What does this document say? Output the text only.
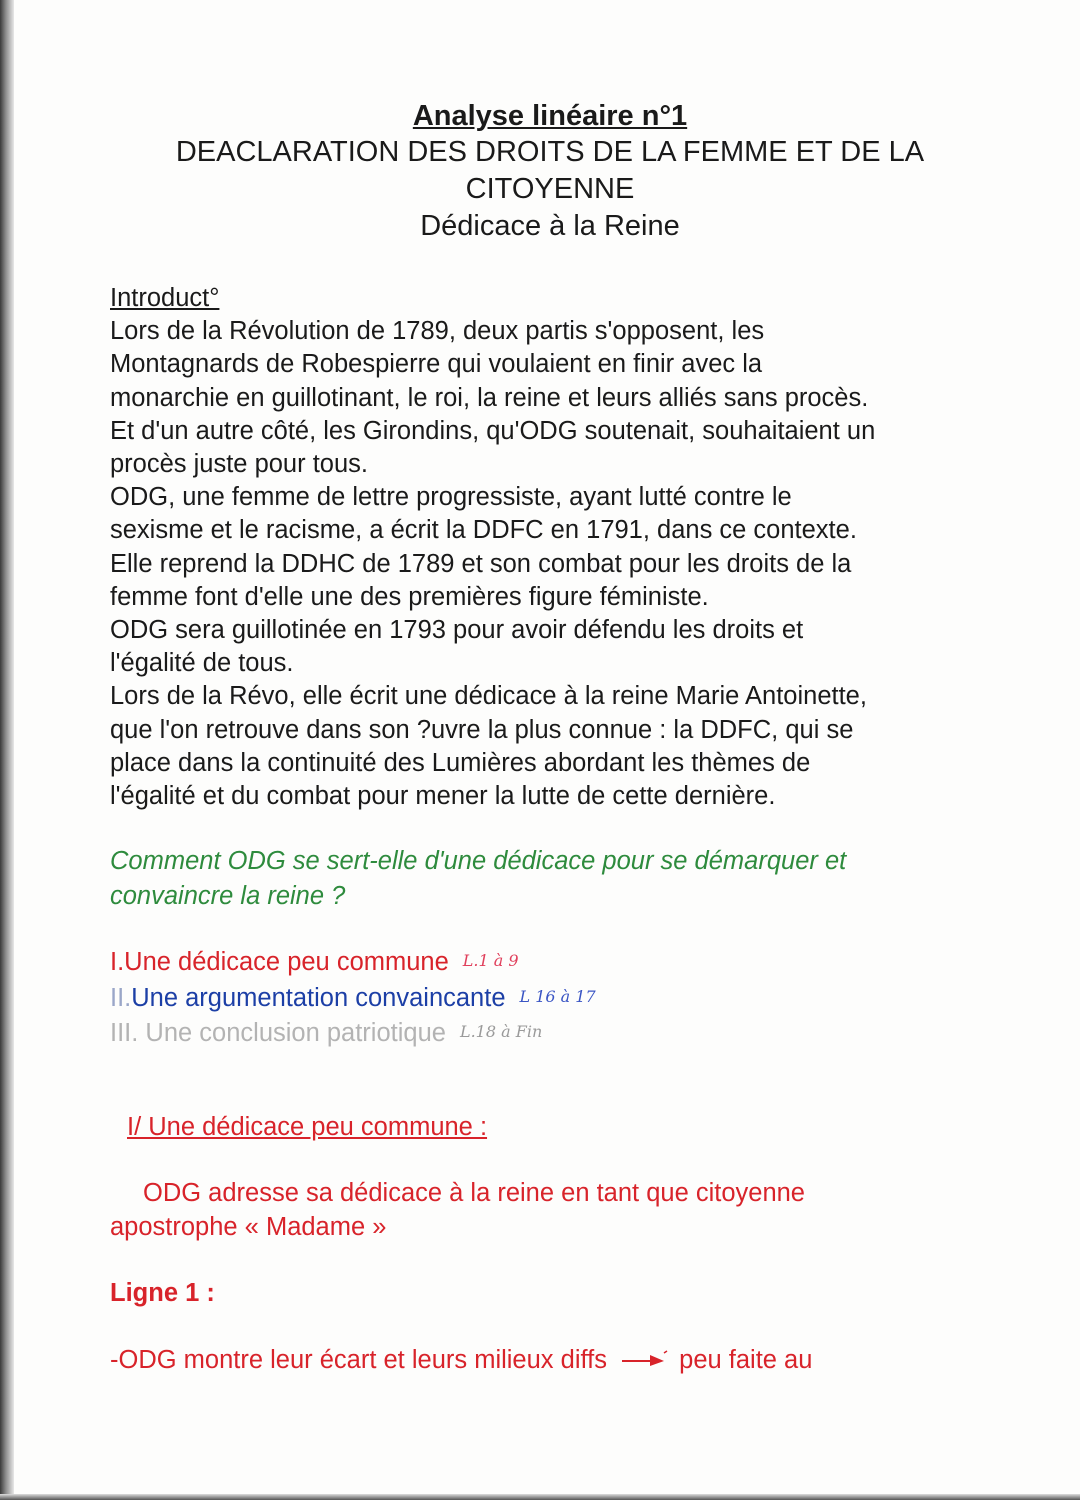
Analyse linéaire n°1
DEACLARATION DES DROITS DE LA FEMME ET DE LA
CITOYENNE
Dédicace à la Reine

Introduct°

Lors de la Révolution de 1789, deux partis s'opposent, les

Montagnards de Robespierre qui voulaient en finir avec la

monarchie en guillotinant, le roi, la reine et leurs alliés sans procès.

Et d'un autre côté, les Girondins, qu'ODG soutenait, souhaitaient un

procès juste pour tous.

ODG, une femme de lettre progressiste, ayant lutté contre le

sexisme et le racisme, a écrit la DDFC en 1791, dans ce contexte.

Elle reprend la DDHC de 1789 et son combat pour les droits de la

femme font d'elle une des premières figure féministe.

ODG sera guillotinée en 1793 pour avoir défendu les droits et

l'égalité de tous.

Lors de la Révo, elle écrit une dédicace à la reine Marie Antoinette,

que l'on retrouve dans son ?uvre la plus connue : la DDFC, qui se

place dans la continuité des Lumières abordant les thèmes de

l'égalité et du combat pour mener la lutte de cette dernière.

Comment ODG se sert-elle d'une dédicace pour se démarquer et
convaincre la reine ?
I.Une dédicace peu commune L.1 à 9
II.Une argumentation convaincante L 16 à 17
III. Une conclusion patriotique L.18 à Fin
I/ Une dédicace peu commune :
ODG adresse sa dédicace à la reine en tant que citoyenne
apostrophe « Madame »
Ligne 1 :
-ODG montre leur écart et leurs milieux diffs	peu faite au
